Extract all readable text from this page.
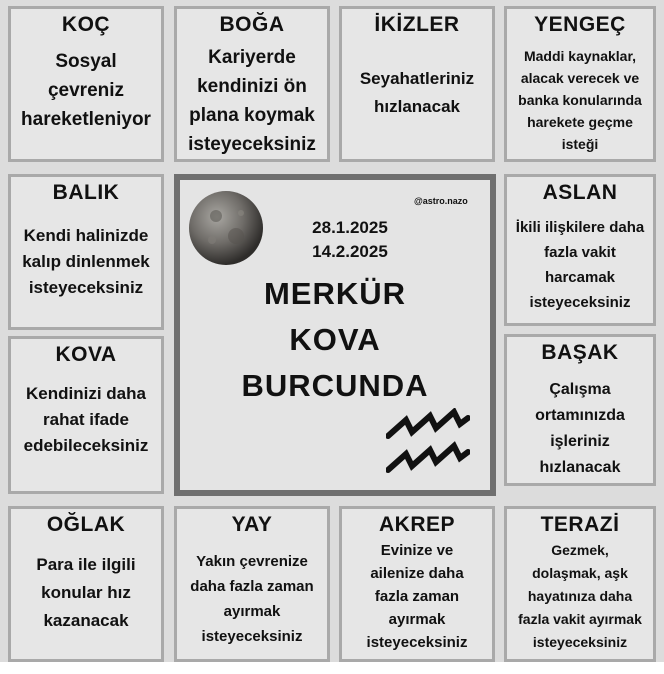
KOÇ
Sosyal
çevreniz
hareketleniyor
BOĞA
Kariyerde
kendinizi ön
plana koymak
isteyeceksiniz
İKİZLER
Seyahatleriniz
hızlanacak
YENGEÇ
Maddi kaynaklar,
alacak verecek ve
banka konularında
harekete geçme
isteği
BALIK
Kendi halinizde
kalıp dinlenmek
isteyeceksiniz
ASLAN
İkili ilişkilere daha
fazla vakit
harcamak
isteyeceksiniz
KOVA
Kendinizi daha
rahat ifade
edebileceksiniz
BAŞAK
Çalışma
ortamınızda
işleriniz
hızlanacak
OĞLAK
Para ile ilgili
konular hız
kazanacak
YAY
Yakın çevrenize
daha fazla zaman
ayırmak
isteyeceksiniz
AKREP
Evinize ve
ailenize daha
fazla zaman
ayırmak
isteyeceksiniz
TERAZİ
Gezmek,
dolaşmak, aşk
hayatınıza daha
fazla vakit ayırmak
isteyeceksiniz
@astro.nazo
28.1.2025
14.2.2025
MERKÜR
KOVA
BURCUNDA
